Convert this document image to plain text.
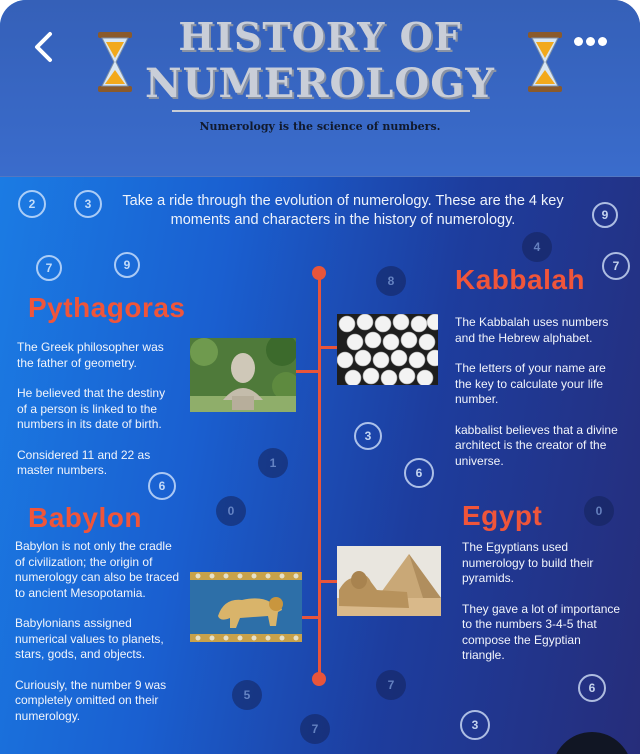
HISTORY OF
NUMEROLOGY
Numerology is the science of numbers.
Take a ride through the evolution of numerology. These are the 4 key moments and characters in the history of numerology.
2	3
7	9
9
7
3
6
6
6
3
4
8
1
0	0
5
7
7
Pythagoras

The Greek philosopher was the father of geometry.

He believed that the destiny of a person is linked to the numbers in its date of birth.

Considered 11 and 22 as master numbers.

Kabbalah

The Kabbalah uses numbers and the Hebrew alphabet.

The letters of your name are the key to calculate your life number.

kabbalist believes that a divine architect is the creator of the universe.

Babylon

Babylon is not only the cradle of civilization; the origin of numerology can also be traced to ancient Mesopotamia.

Babylonians assigned numerical values to planets, stars, gods, and objects.

Curiously, the number 9 was completely omitted on their numerology.

Egypt

The Egyptians used numerology to build their pyramids.

They gave a lot of importance to the numbers 3-4-5 that compose the Egyptian triangle.
